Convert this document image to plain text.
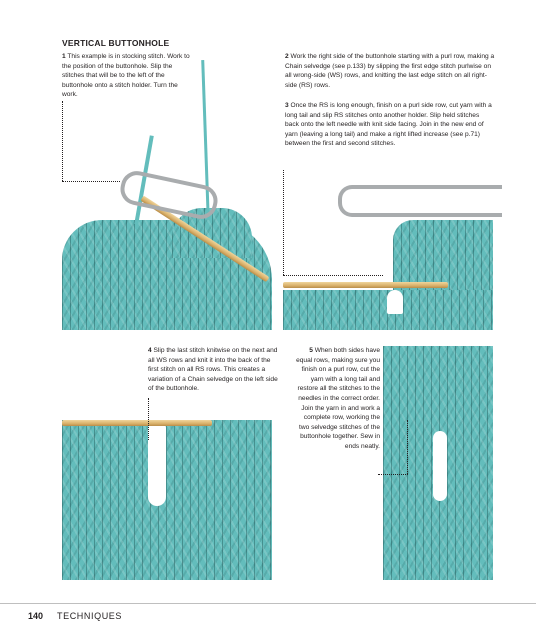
VERTICAL BUTTONHOLE
1 This example is in stocking stitch. Work to the position of the buttonhole. Slip the stitches that will be to the left of the buttonhole onto a stitch holder. Turn the work.
2 Work the right side of the buttonhole starting with a purl row, making a Chain selvedge (see p.133) by slipping the first edge stitch purlwise on all wrong-side (WS) rows, and knitting the last edge stitch on all right-side (RS) rows.
3 Once the RS is long enough, finish on a purl side row, cut yarn with a long tail and slip RS stitches onto another holder. Slip held stitches back onto the left needle with knit side facing. Join in the new end of yarn (leaving a long tail) and make a right lifted increase (see p.71) between the first and second stitches.
4 Slip the last stitch knitwise on the next and all WS rows and knit it into the back of the first stitch on all RS rows. This creates a variation of a Chain selvedge on the left side of the buttonhole.
5 When both sides have equal rows, making sure you finish on a purl row, cut the yarn with a long tail and restore all the stitches to the needles in the correct order. Join the yarn in and work a complete row, working the two selvedge stitches of the buttonhole together. Sew in ends neatly.
140 TECHNIQUES
